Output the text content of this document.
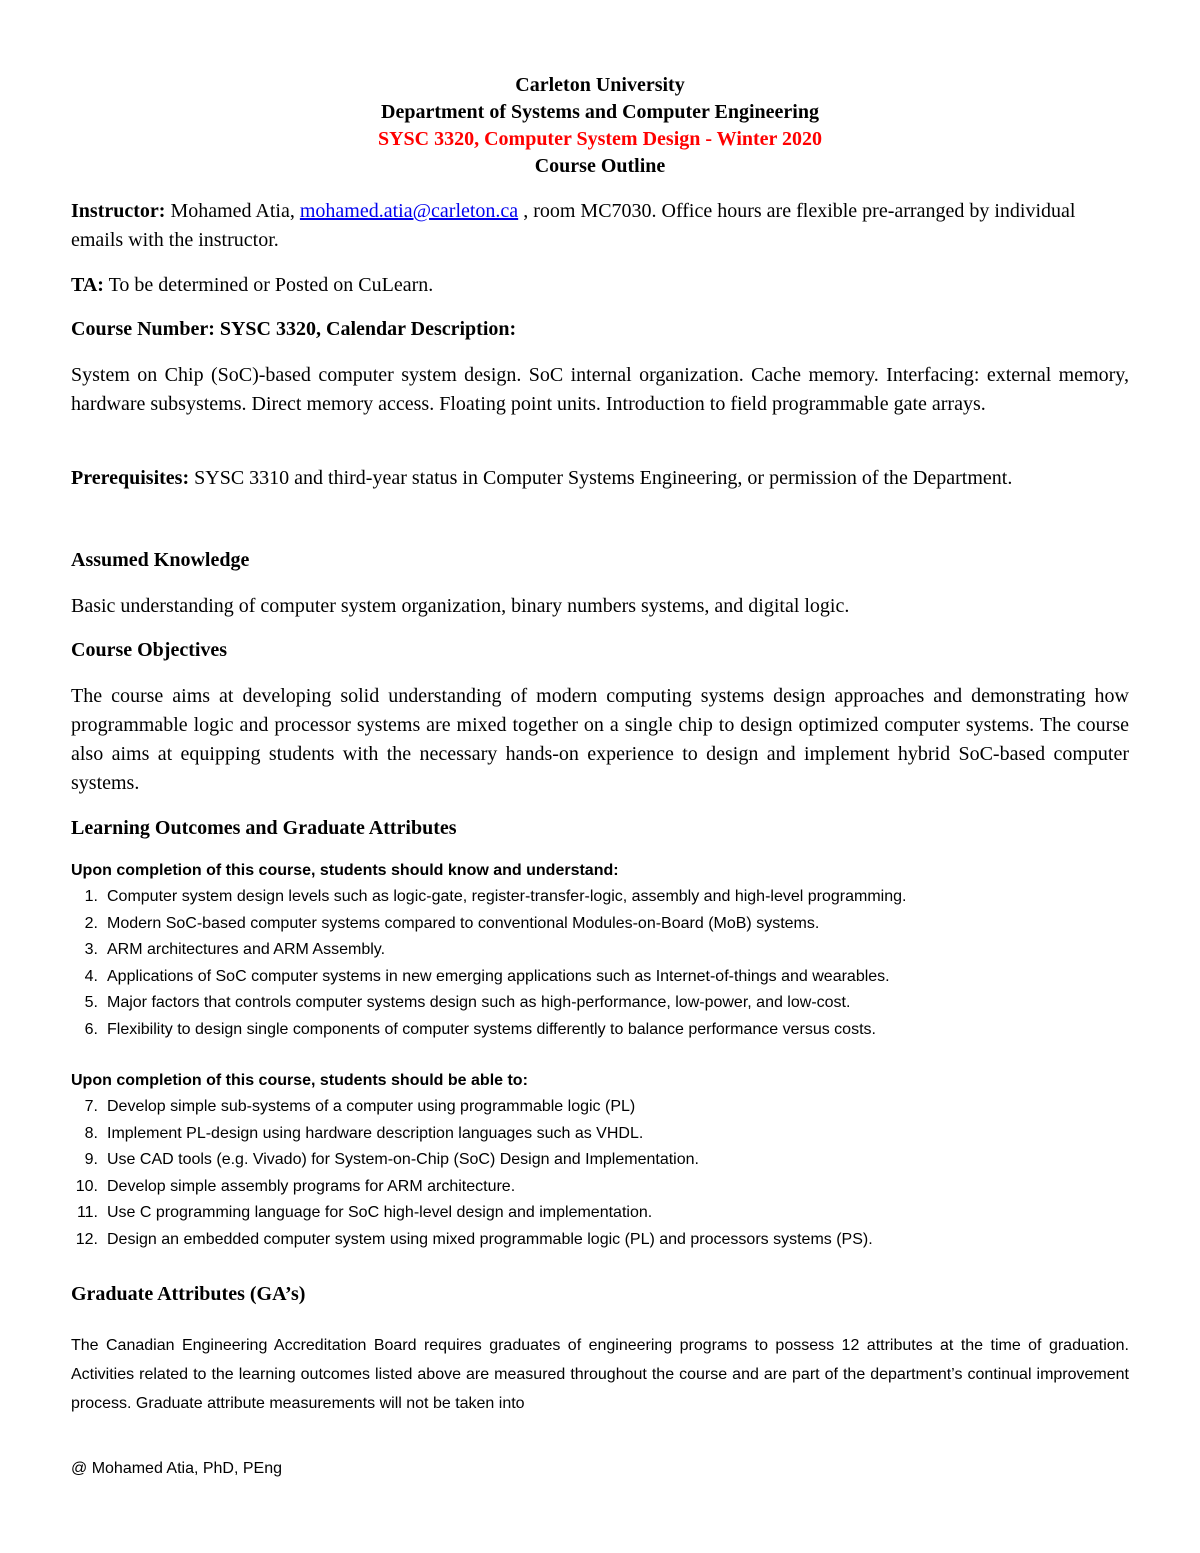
Carleton University
Department of Systems and Computer Engineering
SYSC 3320, Computer System Design - Winter 2020
Course Outline
Instructor: Mohamed Atia, mohamed.atia@carleton.ca , room MC7030. Office hours are flexible pre-arranged by individual emails with the instructor.
TA: To be determined or Posted on CuLearn.
Course Number: SYSC 3320, Calendar Description:
System on Chip (SoC)-based computer system design. SoC internal organization. Cache memory. Interfacing: external memory, hardware subsystems. Direct memory access. Floating point units. Introduction to field programmable gate arrays.
Prerequisites: SYSC 3310 and third-year status in Computer Systems Engineering, or permission of the Department.
Assumed Knowledge
Basic understanding of computer system organization, binary numbers systems, and digital logic.
Course Objectives
The course aims at developing solid understanding of modern computing systems design approaches and demonstrating how programmable logic and processor systems are mixed together on a single chip to design optimized computer systems. The course also aims at equipping students with the necessary hands-on experience to design and implement hybrid SoC-based computer systems.
Learning Outcomes and Graduate Attributes
Upon completion of this course, students should know and understand:
1. Computer system design levels such as logic-gate, register-transfer-logic, assembly and high-level programming.
2. Modern SoC-based computer systems compared to conventional Modules-on-Board (MoB) systems.
3. ARM architectures and ARM Assembly.
4. Applications of SoC computer systems in new emerging applications such as Internet-of-things and wearables.
5. Major factors that controls computer systems design such as high-performance, low-power, and low-cost.
6. Flexibility to design single components of computer systems differently to balance performance versus costs.
Upon completion of this course, students should be able to:
7. Develop simple sub-systems of a computer using programmable logic (PL)
8. Implement PL-design using hardware description languages such as VHDL.
9. Use CAD tools (e.g. Vivado) for System-on-Chip (SoC) Design and Implementation.
10. Develop simple assembly programs for ARM architecture.
11. Use C programming language for SoC high-level design and implementation.
12. Design an embedded computer system using mixed programmable logic (PL) and processors systems (PS).
Graduate Attributes (GA’s)
The Canadian Engineering Accreditation Board requires graduates of engineering programs to possess 12 attributes at the time of graduation. Activities related to the learning outcomes listed above are measured throughout the course and are part of the department’s continual improvement process. Graduate attribute measurements will not be taken into
@ Mohamed Atia, PhD, PEng
